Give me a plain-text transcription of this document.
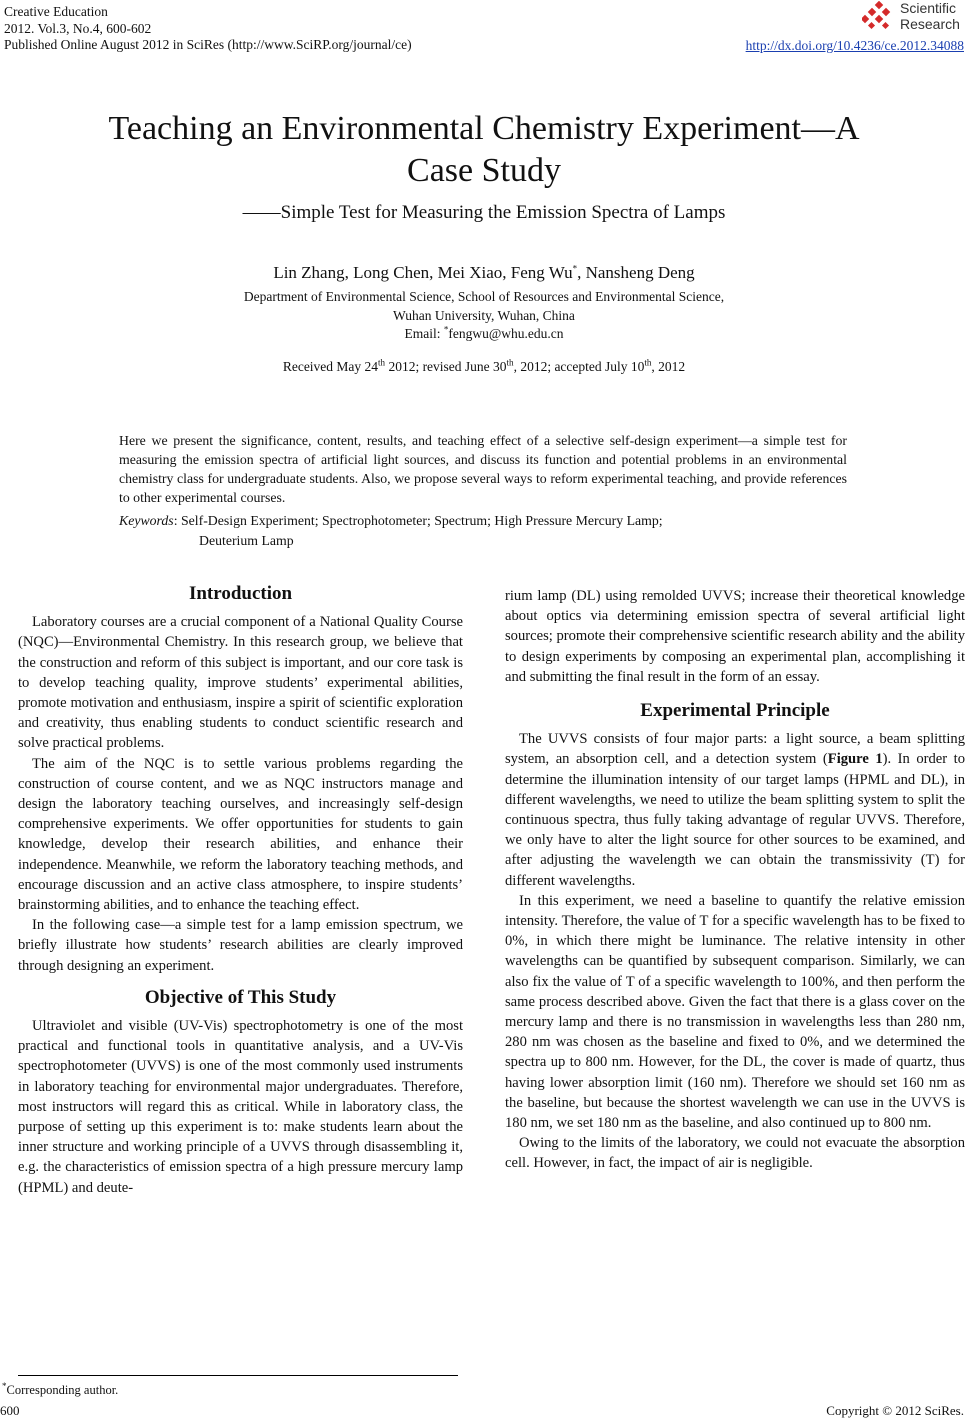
Creative Education
2012. Vol.3, No.4, 600-602
Published Online August 2012 in SciRes (http://www.SciRP.org/journal/ce)	http://dx.doi.org/10.4236/ce.2012.34088
Scientific
Research
Teaching an Environmental Chemistry Experiment—A
Case Study
——Simple Test for Measuring the Emission Spectra of Lamps
Lin Zhang, Long Chen, Mei Xiao, Feng Wu*, Nansheng Deng
Department of Environmental Science, School of Resources and Environmental Science,
Wuhan University, Wuhan, China
Email: *fengwu@whu.edu.cn
Received May 24th 2012; revised June 30th, 2012; accepted July 10th, 2012
Here we present the significance, content, results, and teaching effect of a selective self-design experiment—a simple test for measuring the emission spectra of artificial light sources, and discuss its function and potential problems in an environmental chemistry class for undergraduate students. Also, we propose several ways to reform experimental teaching, and provide references to other experimental courses.
Keywords: Self-Design Experiment; Spectrophotometer; Spectrum; High Pressure Mercury Lamp;
Deuterium Lamp
Introduction

Laboratory courses are a crucial component of a National Quality Course (NQC)—Environmental Chemistry. In this research group, we believe that the construction and reform of this subject is important, and our core task is to develop teaching quality, improve students’ experimental abilities, promote motivation and enthusiasm, inspire a spirit of scientific exploration and creativity, thus enabling students to conduct scientific research and solve practical problems.

The aim of the NQC is to settle various problems regarding the construction of course content, and we as NQC instructors manage and design the laboratory teaching ourselves, and increasingly self-design comprehensive experiments. We offer opportunities for students to gain knowledge, develop their research abilities, and enhance their independence. Meanwhile, we reform the laboratory teaching methods, and encourage discussion and an active class atmosphere, to inspire students’ brainstorming abilities, and to enhance the teaching effect.

In the following case—a simple test for a lamp emission spectrum, we briefly illustrate how students’ research abilities are clearly improved through designing an experiment.

Objective of This Study

Ultraviolet and visible (UV-Vis) spectrophotometry is one of the most practical and functional tools in quantitative analysis, and a UV-Vis spectrophotometer (UVVS) is one of the most commonly used instruments in laboratory teaching for environmental major undergraduates. Therefore, most instructors will regard this as critical. While in laboratory class, the purpose of setting up this experiment is to: make students learn about the inner structure and working principle of a UVVS through disassembling it, e.g. the characteristics of emission spectra of a high pressure mercury lamp (HPML) and deute-

rium lamp (DL) using remolded UVVS; increase their theoretical knowledge about optics via determining emission spectra of several artificial light sources; promote their comprehensive scientific research ability and the ability to design experiments by composing an experimental plan, accomplishing it and submitting the final result in the form of an essay.

Experimental Principle

The UVVS consists of four major parts: a light source, a beam splitting system, an absorption cell, and a detection system (Figure 1). In order to determine the illumination intensity of our target lamps (HPML and DL), in different wavelengths, we need to utilize the beam splitting system to split the continuous spectra, thus fully taking advantage of regular UVVS. Therefore, we only have to alter the light source for other sources to be examined, and after adjusting the wavelength we can obtain the transmissivity (T) for different wavelengths.

In this experiment, we need a baseline to quantify the relative emission intensity. Therefore, the value of T for a specific wavelength has to be fixed to 0%, in which there might be luminance. The relative intensity in other wavelengths can be quantified by subsequent comparison. Similarly, we can also fix the value of T of a specific wavelength to 100%, and then perform the same process described above. Given the fact that there is a glass cover on the mercury lamp and there is no transmission in wavelengths less than 280 nm, 280 nm was chosen as the baseline and fixed to 0%, and we determined the spectra up to 800 nm. However, for the DL, the cover is made of quartz, thus having lower absorption limit (160 nm). Therefore we should set 160 nm as the baseline, but because the shortest wavelength we can use in the UVVS is 180 nm, we set 180 nm as the baseline, and also continued up to 800 nm.

Owing to the limits of the laboratory, we could not evacuate the absorption cell. However, in fact, the impact of air is negligible.

*Corresponding author.
600	Copyright © 2012 SciRes.
